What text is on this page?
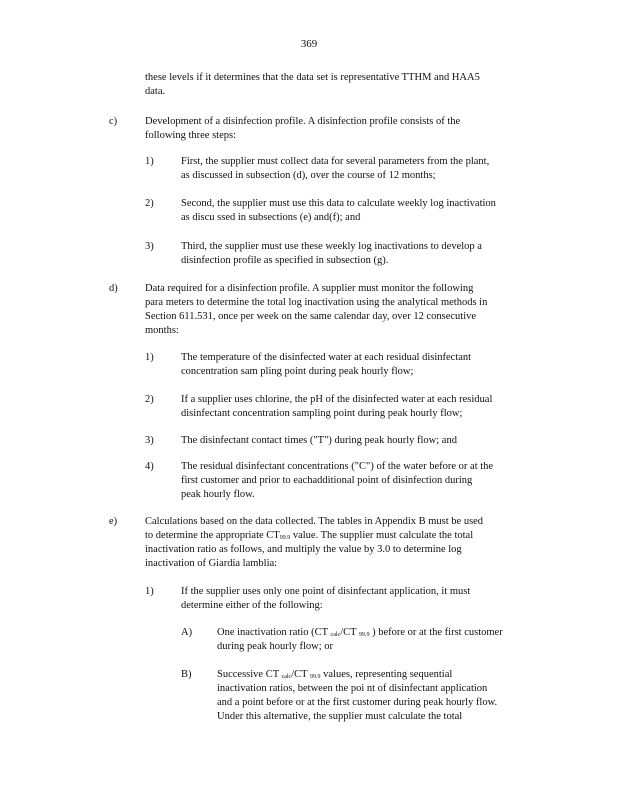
369
these levels if it determines that the data set is representative TTHM and HAA5
data.
c)	Development of a disinfection profile. A disinfection profile consists of the
following three steps:
1)	First, the supplier must collect data for several parameters from the plant,
as discussed in subsection (d), over the course of 12 months;
2)	Second, the supplier must use this data to calculate weekly log inactivation
as discu ssed in subsections (e) and(f); and
3)	Third, the supplier must use these weekly log inactivations to develop a
disinfection profile as specified in subsection (g).
d)	Data required for a disinfection profile. A supplier must monitor the following
para meters to determine the total log inactivation using the analytical methods in
Section 611.531, once per week on the same calendar day, over 12 consecutive
months:
1)	The temperature of the disinfected water at each residual disinfectant
concentration sam pling point during peak hourly flow;
2)	If a supplier uses chlorine, the pH of the disinfected water at each residual
disinfectant concentration sampling point during peak hourly flow;
3)	The disinfectant contact times ("T") during peak hourly flow; and
4)	The residual disinfectant concentrations ("C") of the water before or at the
first customer and prior to eachadditional point of disinfection during
peak hourly flow.
e)	Calculations based on the data collected. The tables in Appendix B must be used
to determine the appropriate $CT_{99.9}$ value. The supplier must calculate the total
inactivation ratio as follows, and multiply the value by 3.0 to determine log
inactivation of Giardia lamblia:
1)	If the supplier uses only one point of disinfectant application, it must
determine either of the following:
A) One inactivation ratio (CT $_{calc}$/CT $_{99.9}$ ) before or at the first customer
during peak hourly flow; or
B) Successive CT $_{calc}$/CT $_{99.9}$ values, representing sequential
inactivation ratios, between the poi nt of disinfectant application
and a point before or at the first customer during peak hourly flow.
Under this alternative, the supplier must calculate the total
